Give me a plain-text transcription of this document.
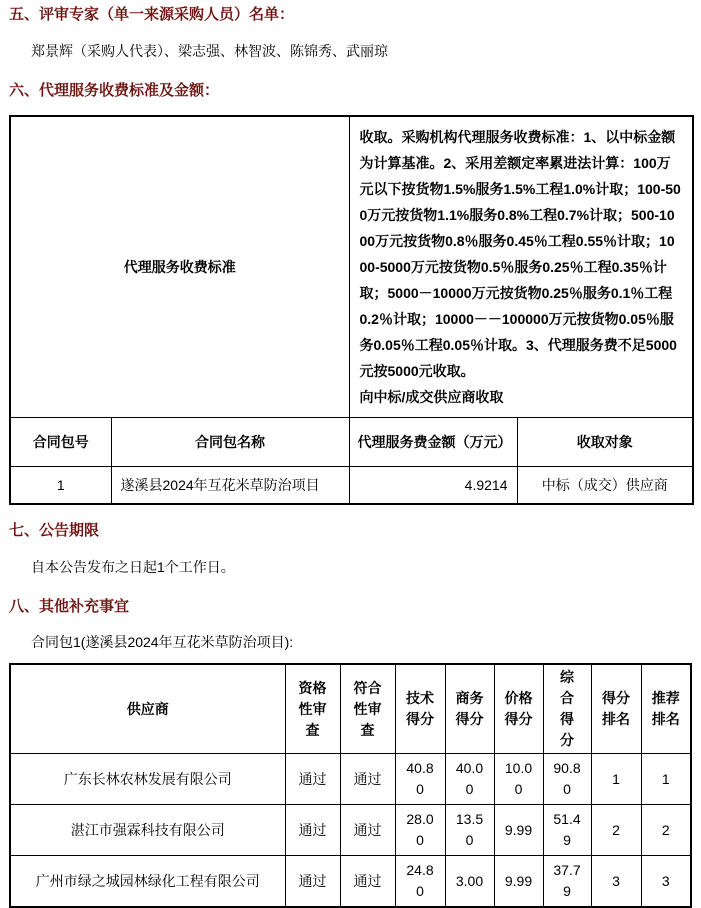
五、评审专家（单一来源采购人员）名单：
郑景辉（采购人代表）、梁志强、林智波、陈锦秀、武丽琼
六、代理服务收费标准及金额：
代理服务收费标准		收取。采购机构代理服务收费标准：1、以中标金额为计算基准。2、采用差额定率累进法计算：100万元以下按货物1.5%服务1.5%工程1.0%计取；100-500万元按货物1.1%服务0.8%工程0.7%计取；500-1000万元按货物0.8％服务0.45％工程0.55％计取；1000-5000万元按货物0.5％服务0.25％工程0.35％计取；5000－10000万元按货物0.25％服务0.1％工程0.2％计取；10000－－100000万元按货物0.05％服务0.05％工程0.05％计取。3、代理服务费不足5000元按5000元收取。
向中标/成交供应商收取	

合同包号	合同包名称	代理服务费金额（万元）	收取对象
1	遂溪县2024年互花米草防治项目	4.9214	中标（成交）供应商
七、公告期限
自本公告发布之日起1个工作日。
八、其他补充事宜
合同包1(遂溪县2024年互花米草防治项目):
供应商	资格性审查	符合性审查	技术得分	商务得分	价格得分	综合得分	得分排名	推荐排名
广东长林农林发展有限公司	通过	通过	40.80	40.00	10.00	90.80	1	1
湛江市强霖科技有限公司	通过	通过	28.00	13.50	9.99	51.49	2	2
广州市绿之城园林绿化工程有限公司	通过	通过	24.80	3.00	9.99	37.79	3	3
